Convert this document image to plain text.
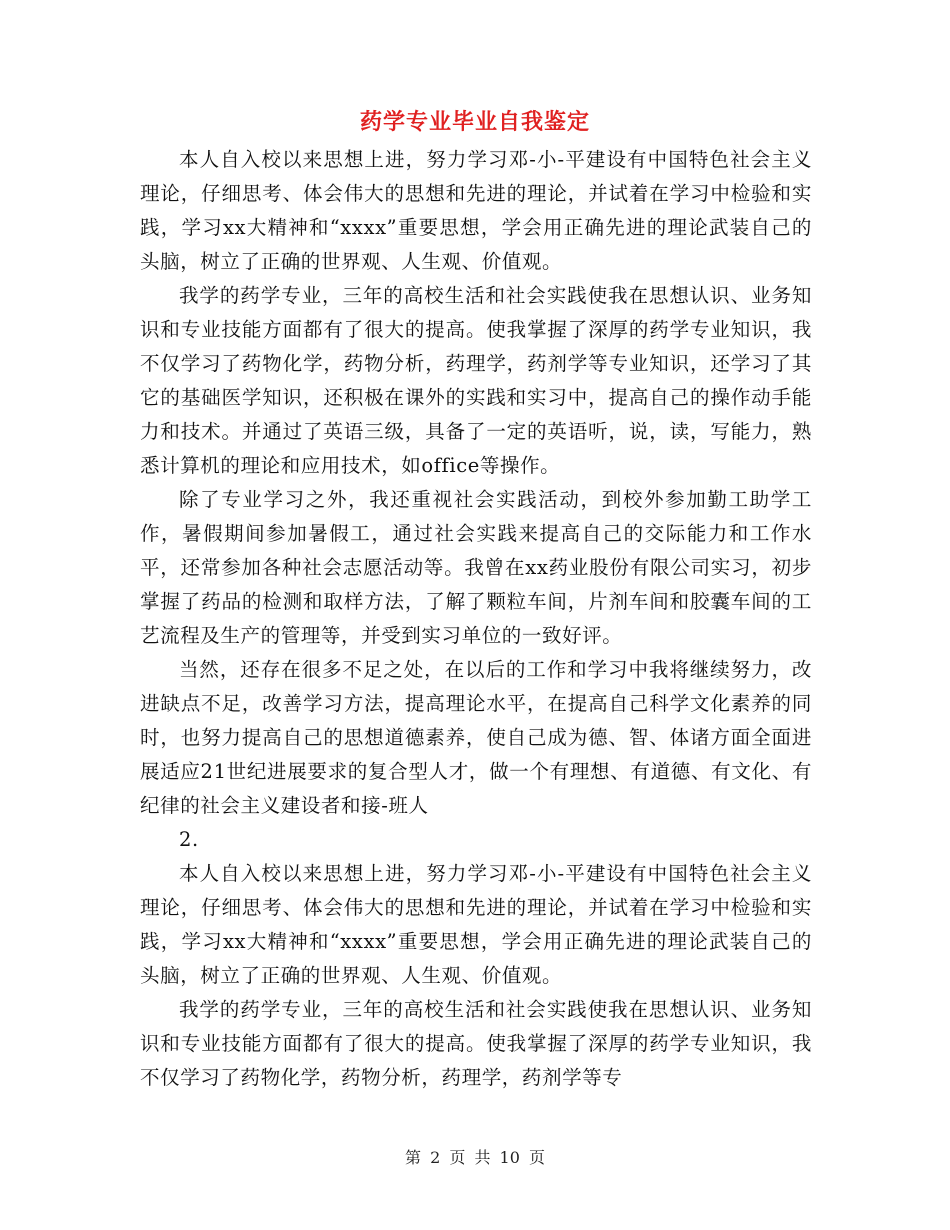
药学专业毕业自我鉴定

本人自入校以来思想上进，努力学习邓-小-平建设有中国特色社会主义理论，仔细思考、体会伟大的思想和先进的理论，并试着在学习中检验和实践，学习xx大精神和“xxxx”重要思想，学会用正确先进的理论武装自己的头脑，树立了正确的世界观、人生观、价值观。

我学的药学专业，三年的高校生活和社会实践使我在思想认识、业务知识和专业技能方面都有了很大的提高。使我掌握了深厚的药学专业知识，我不仅学习了药物化学，药物分析，药理学，药剂学等专业知识，还学习了其它的基础医学知识，还积极在课外的实践和实习中，提高自己的操作动手能力和技术。并通过了英语三级，具备了一定的英语听，说，读，写能力，熟悉计算机的理论和应用技术，如office等操作。

除了专业学习之外，我还重视社会实践活动，到校外参加勤工助学工作，暑假期间参加暑假工，通过社会实践来提高自己的交际能力和工作水平，还常参加各种社会志愿活动等。我曾在xx药业股份有限公司实习，初步掌握了药品的检测和取样方法，了解了颗粒车间，片剂车间和胶囊车间的工艺流程及生产的管理等，并受到实习单位的一致好评。

当然，还存在很多不足之处，在以后的工作和学习中我将继续努力，改进缺点不足，改善学习方法，提高理论水平，在提高自己科学文化素养的同时，也努力提高自己的思想道德素养，使自己成为德、智、体诸方面全面进展适应21世纪进展要求的复合型人才，做一个有理想、有道德、有文化、有纪律的社会主义建设者和接-班人

2.

本人自入校以来思想上进，努力学习邓-小-平建设有中国特色社会主义理论，仔细思考、体会伟大的思想和先进的理论，并试着在学习中检验和实践，学习xx大精神和“xxxx”重要思想，学会用正确先进的理论武装自己的头脑，树立了正确的世界观、人生观、价值观。

我学的药学专业，三年的高校生活和社会实践使我在思想认识、业务知识和专业技能方面都有了很大的提高。使我掌握了深厚的药学专业知识，我不仅学习了药物化学，药物分析，药理学，药剂学等专

第 2 页 共 10 页
